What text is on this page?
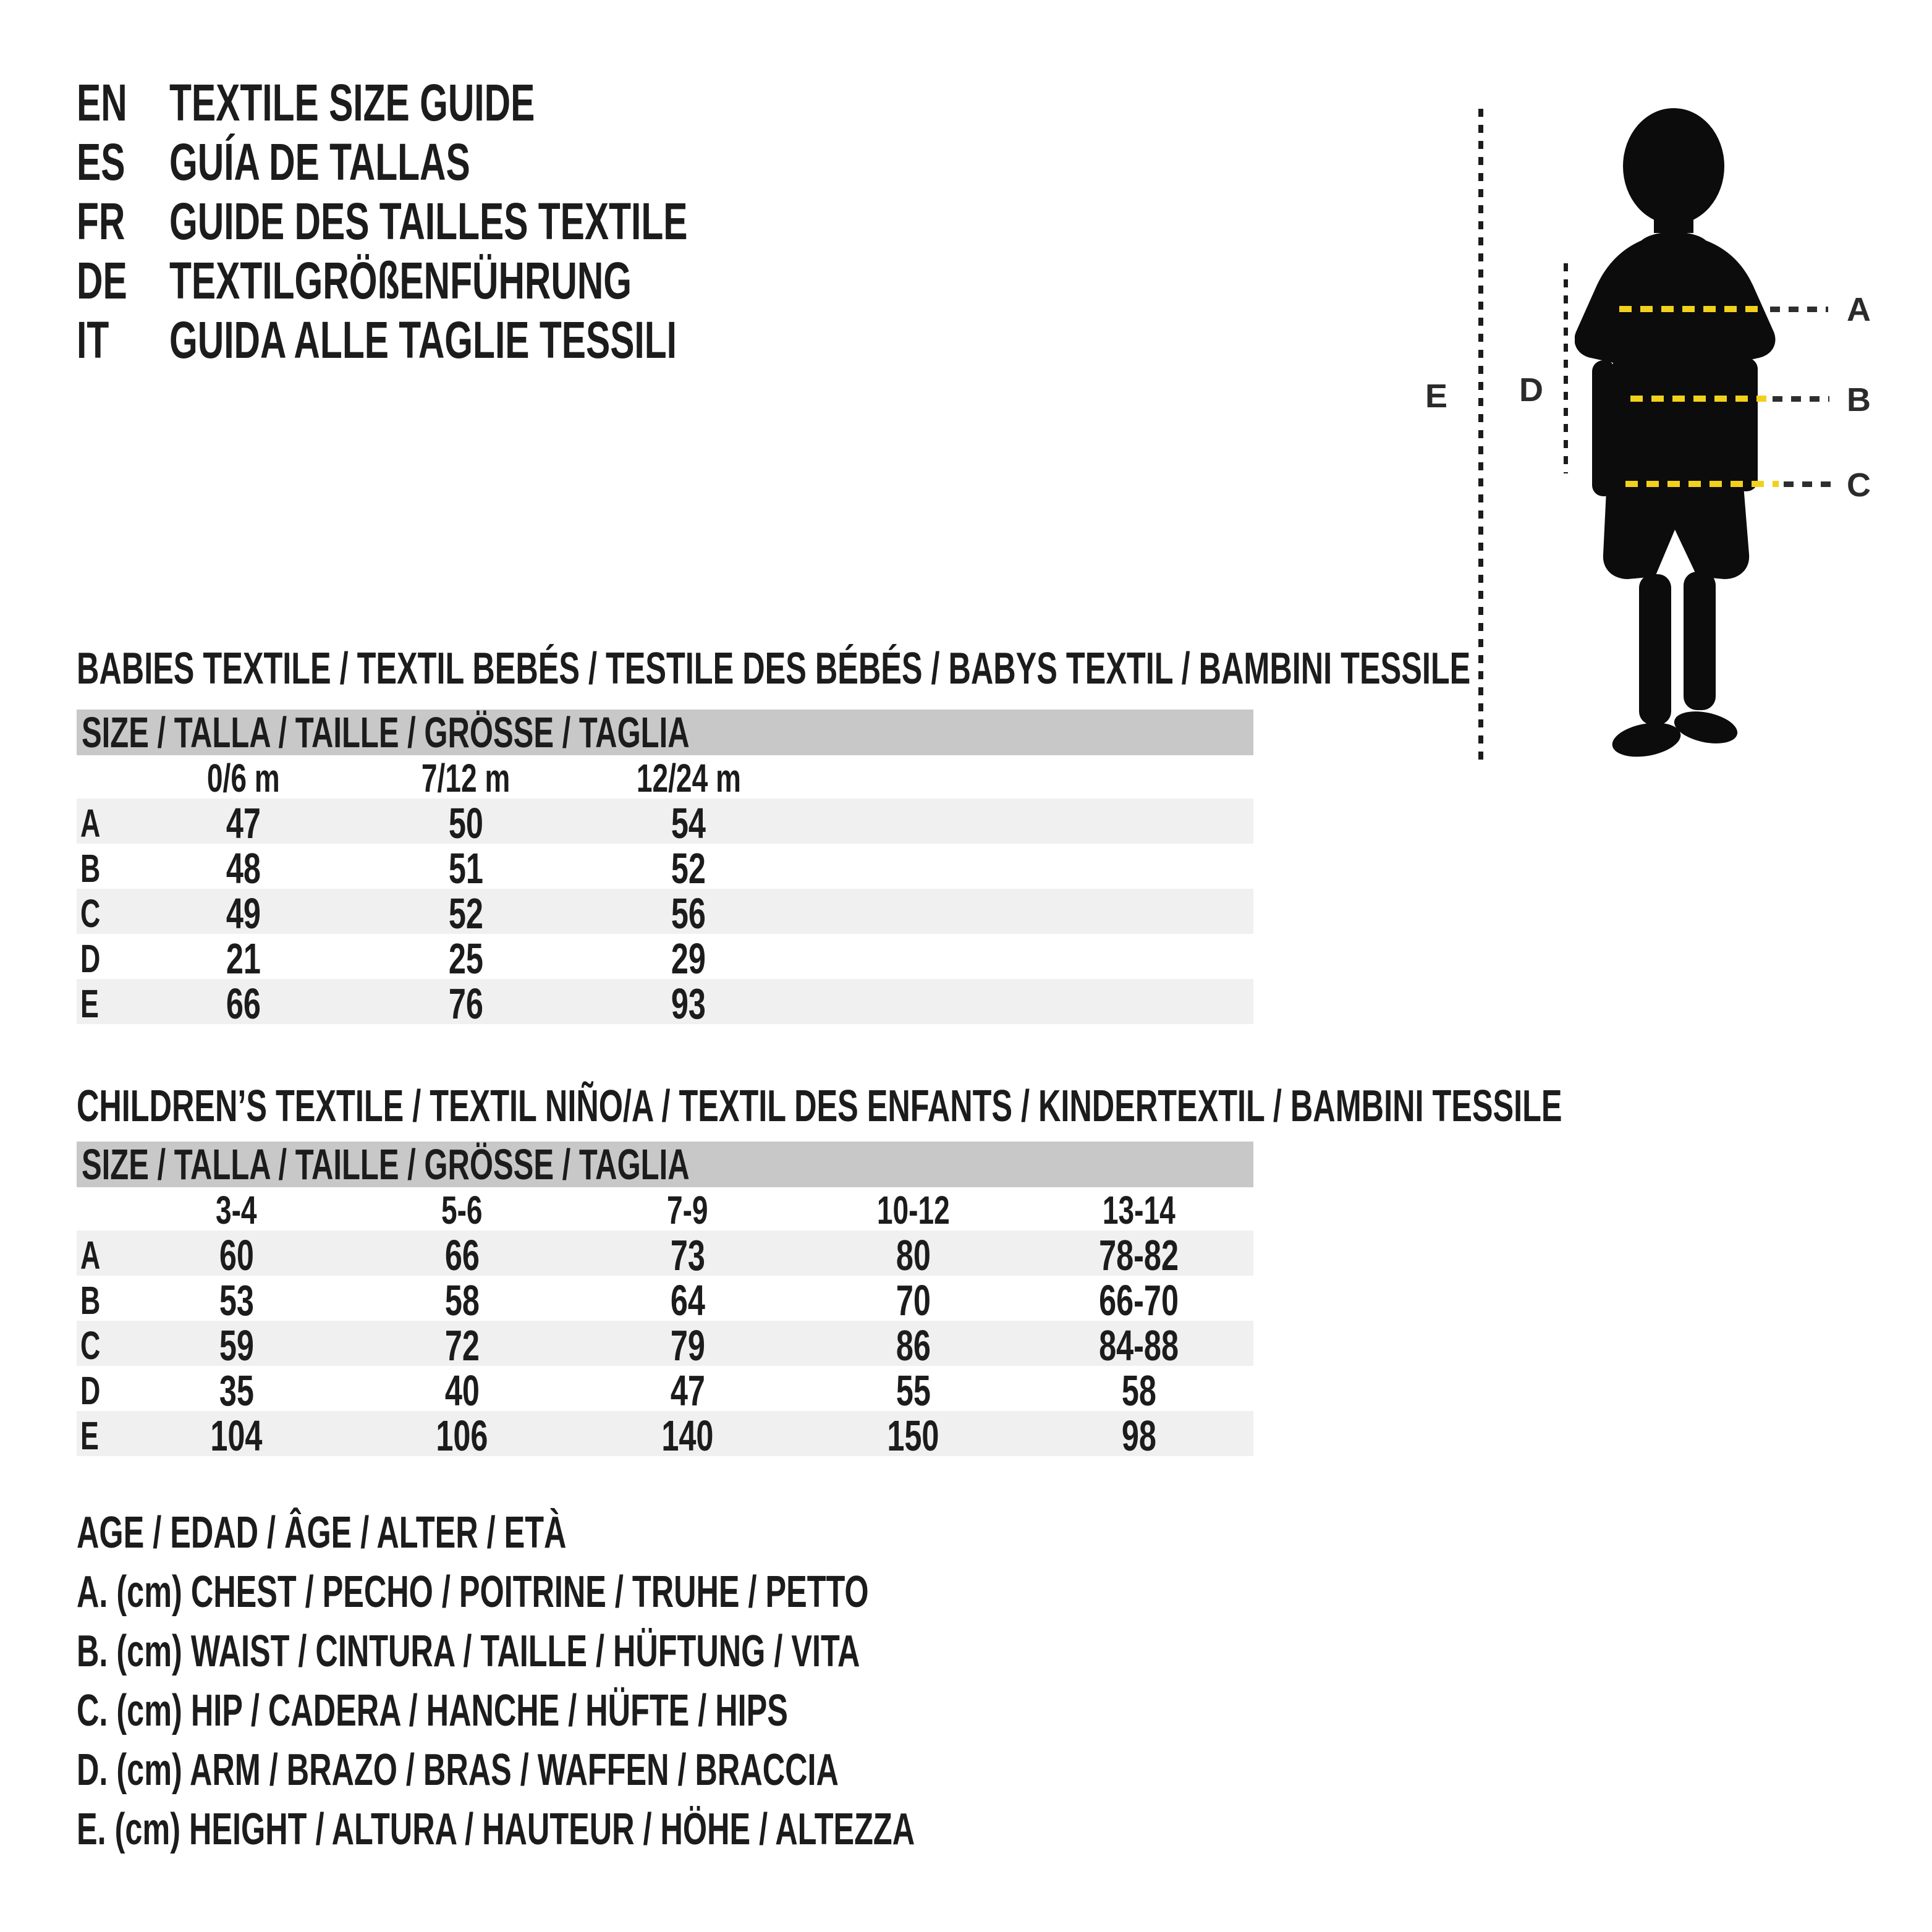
EN TEXTILE SIZE GUIDE
ES GUÍA DE TALLAS
FR GUIDE DES TAILLES TEXTILE
DE TEXTILGRÖßENFÜHRUNG
IT	GUIDA ALLE TAGLIE TESSILI
E D
A
B
C
BABIES TEXTILE / TEXTIL BEBÉS / TESTILE DES BÉBÉS / BABYS TEXTIL / BAMBINI TESSILE
SIZE / TALLA / TAILLE / GRÖSSE / TAGLIA
0/6 m	7/12 m	12/24 m
A	47	50	54
B	48	51	52
C	49	52	56
D	21	25	29
E	66	76	93
CHILDREN’S TEXTILE / TEXTIL NIÑO/A / TEXTIL DES ENFANTS / KINDERTEXTIL / BAMBINI TESSILE
SIZE / TALLA / TAILLE / GRÖSSE / TAGLIA
3-4	5-6	7-9	10-12	13-14
A	60	66	73	80	78-82
B	53	58	64	70	66-70
C	59	72	79	86	84-88
D	35	40	47	55	58
E	104	106	140	150	98
AGE / EDAD / ÂGE / ALTER / ETÀ
A. (cm) CHEST / PECHO / POITRINE / TRUHE / PETTO
B. (cm) WAIST / CINTURA / TAILLE / HÜFTUNG / VITA
C. (cm) HIP / CADERA / HANCHE / HÜFTE / HIPS
D. (cm) ARM / BRAZO / BRAS / WAFFEN / BRACCIA
E. (cm) HEIGHT / ALTURA / HAUTEUR / HÖHE / ALTEZZA
